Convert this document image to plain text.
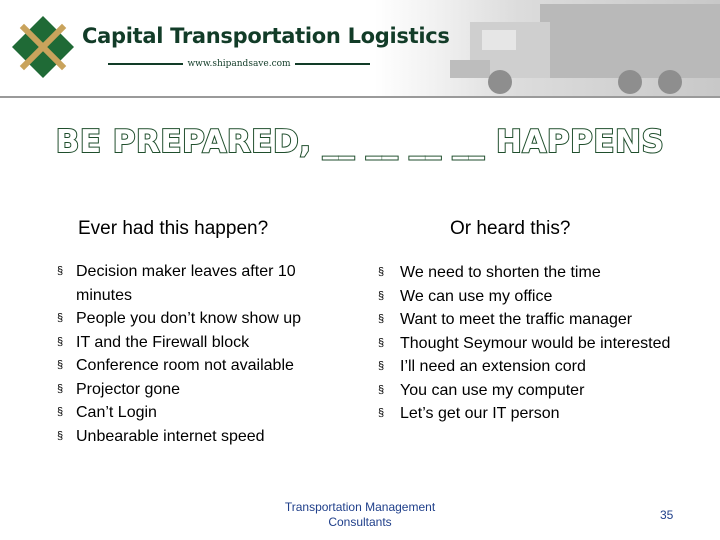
Capital Transportation Logistics
www.shipandsave.com
BE PREPARED, __ __ __ __ HAPPENS
Ever had this happen?	Or heard this?
§ Decision maker leaves after 10 minutes
§ People you don’t know show up
§ IT and the Firewall block
§ Conference room not available
§ Projector gone
§ Can’t Login
§ Unbearable internet speed
§ We need to shorten the time
§ We can use my office
§ Want to meet the traffic manager
§ Thought Seymour would be interested
§ I’ll need an extension cord
§ You can use my computer
§ Let’s get our IT person
Transportation Management
Consultants	35
